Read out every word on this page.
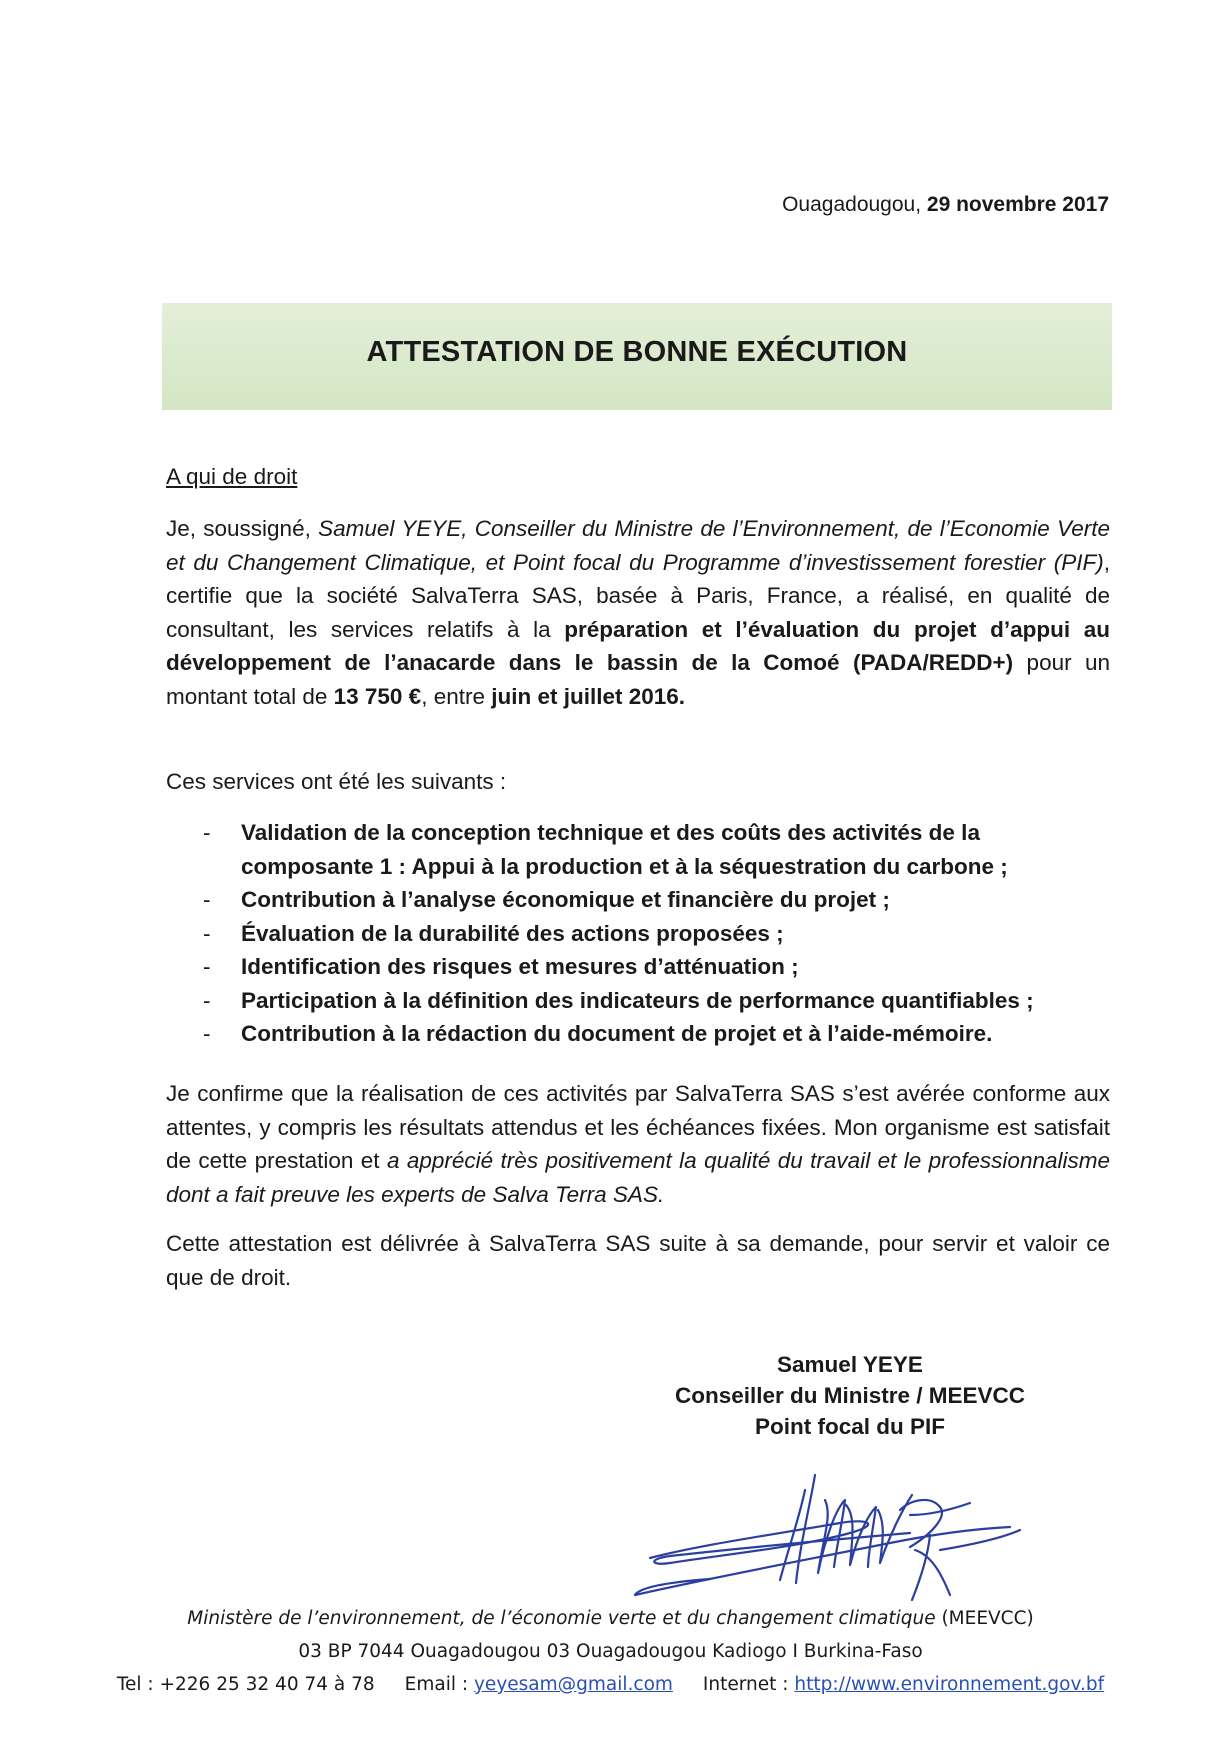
Ouagadougou, 29 novembre 2017
ATTESTATION DE BONNE EXÉCUTION
A qui de droit
Je, soussigné, Samuel YEYE, Conseiller du Ministre de l’Environnement, de l’Economie Verte et du Changement Climatique, et Point focal du Programme d’investissement forestier (PIF), certifie que la société SalvaTerra SAS, basée à Paris, France, a réalisé, en qualité de consultant, les services relatifs à la préparation et l’évaluation du projet d’appui au développement de l’anacarde dans le bassin de la Comoé (PADA/REDD+) pour un montant total de 13 750 €, entre juin et juillet 2016.
Ces services ont été les suivants :
- Validation de la conception technique et des coûts des activités de la composante 1 : Appui à la production et à la séquestration du carbone ;
- Contribution à l’analyse économique et financière du projet ;
- Évaluation de la durabilité des actions proposées ;
- Identification des risques et mesures d’atténuation ;
- Participation à la définition des indicateurs de performance quantifiables ;
- Contribution à la rédaction du document de projet et à l’aide-mémoire.
Je confirme que la réalisation de ces activités par SalvaTerra SAS s’est avérée conforme aux attentes, y compris les résultats attendus et les échéances fixées. Mon organisme est satisfait de cette prestation et a apprécié très positivement la qualité du travail et le professionnalisme dont a fait preuve les experts de Salva Terra SAS.
Cette attestation est délivrée à SalvaTerra SAS suite à sa demande, pour servir et valoir ce que de droit.
Samuel YEYE
Conseiller du Ministre / MEEVCC
Point focal du PIF
Ministère de l’environnement, de l’économie verte et du changement climatique (MEEVCC)
03 BP 7044 Ouagadougou 03 Ouagadougou Kadiogo I Burkina-Faso
Tel : +226 25 32 40 74 à 78 Email : yeyesam@gmail.com Internet : http://www.environnement.gov.bf
